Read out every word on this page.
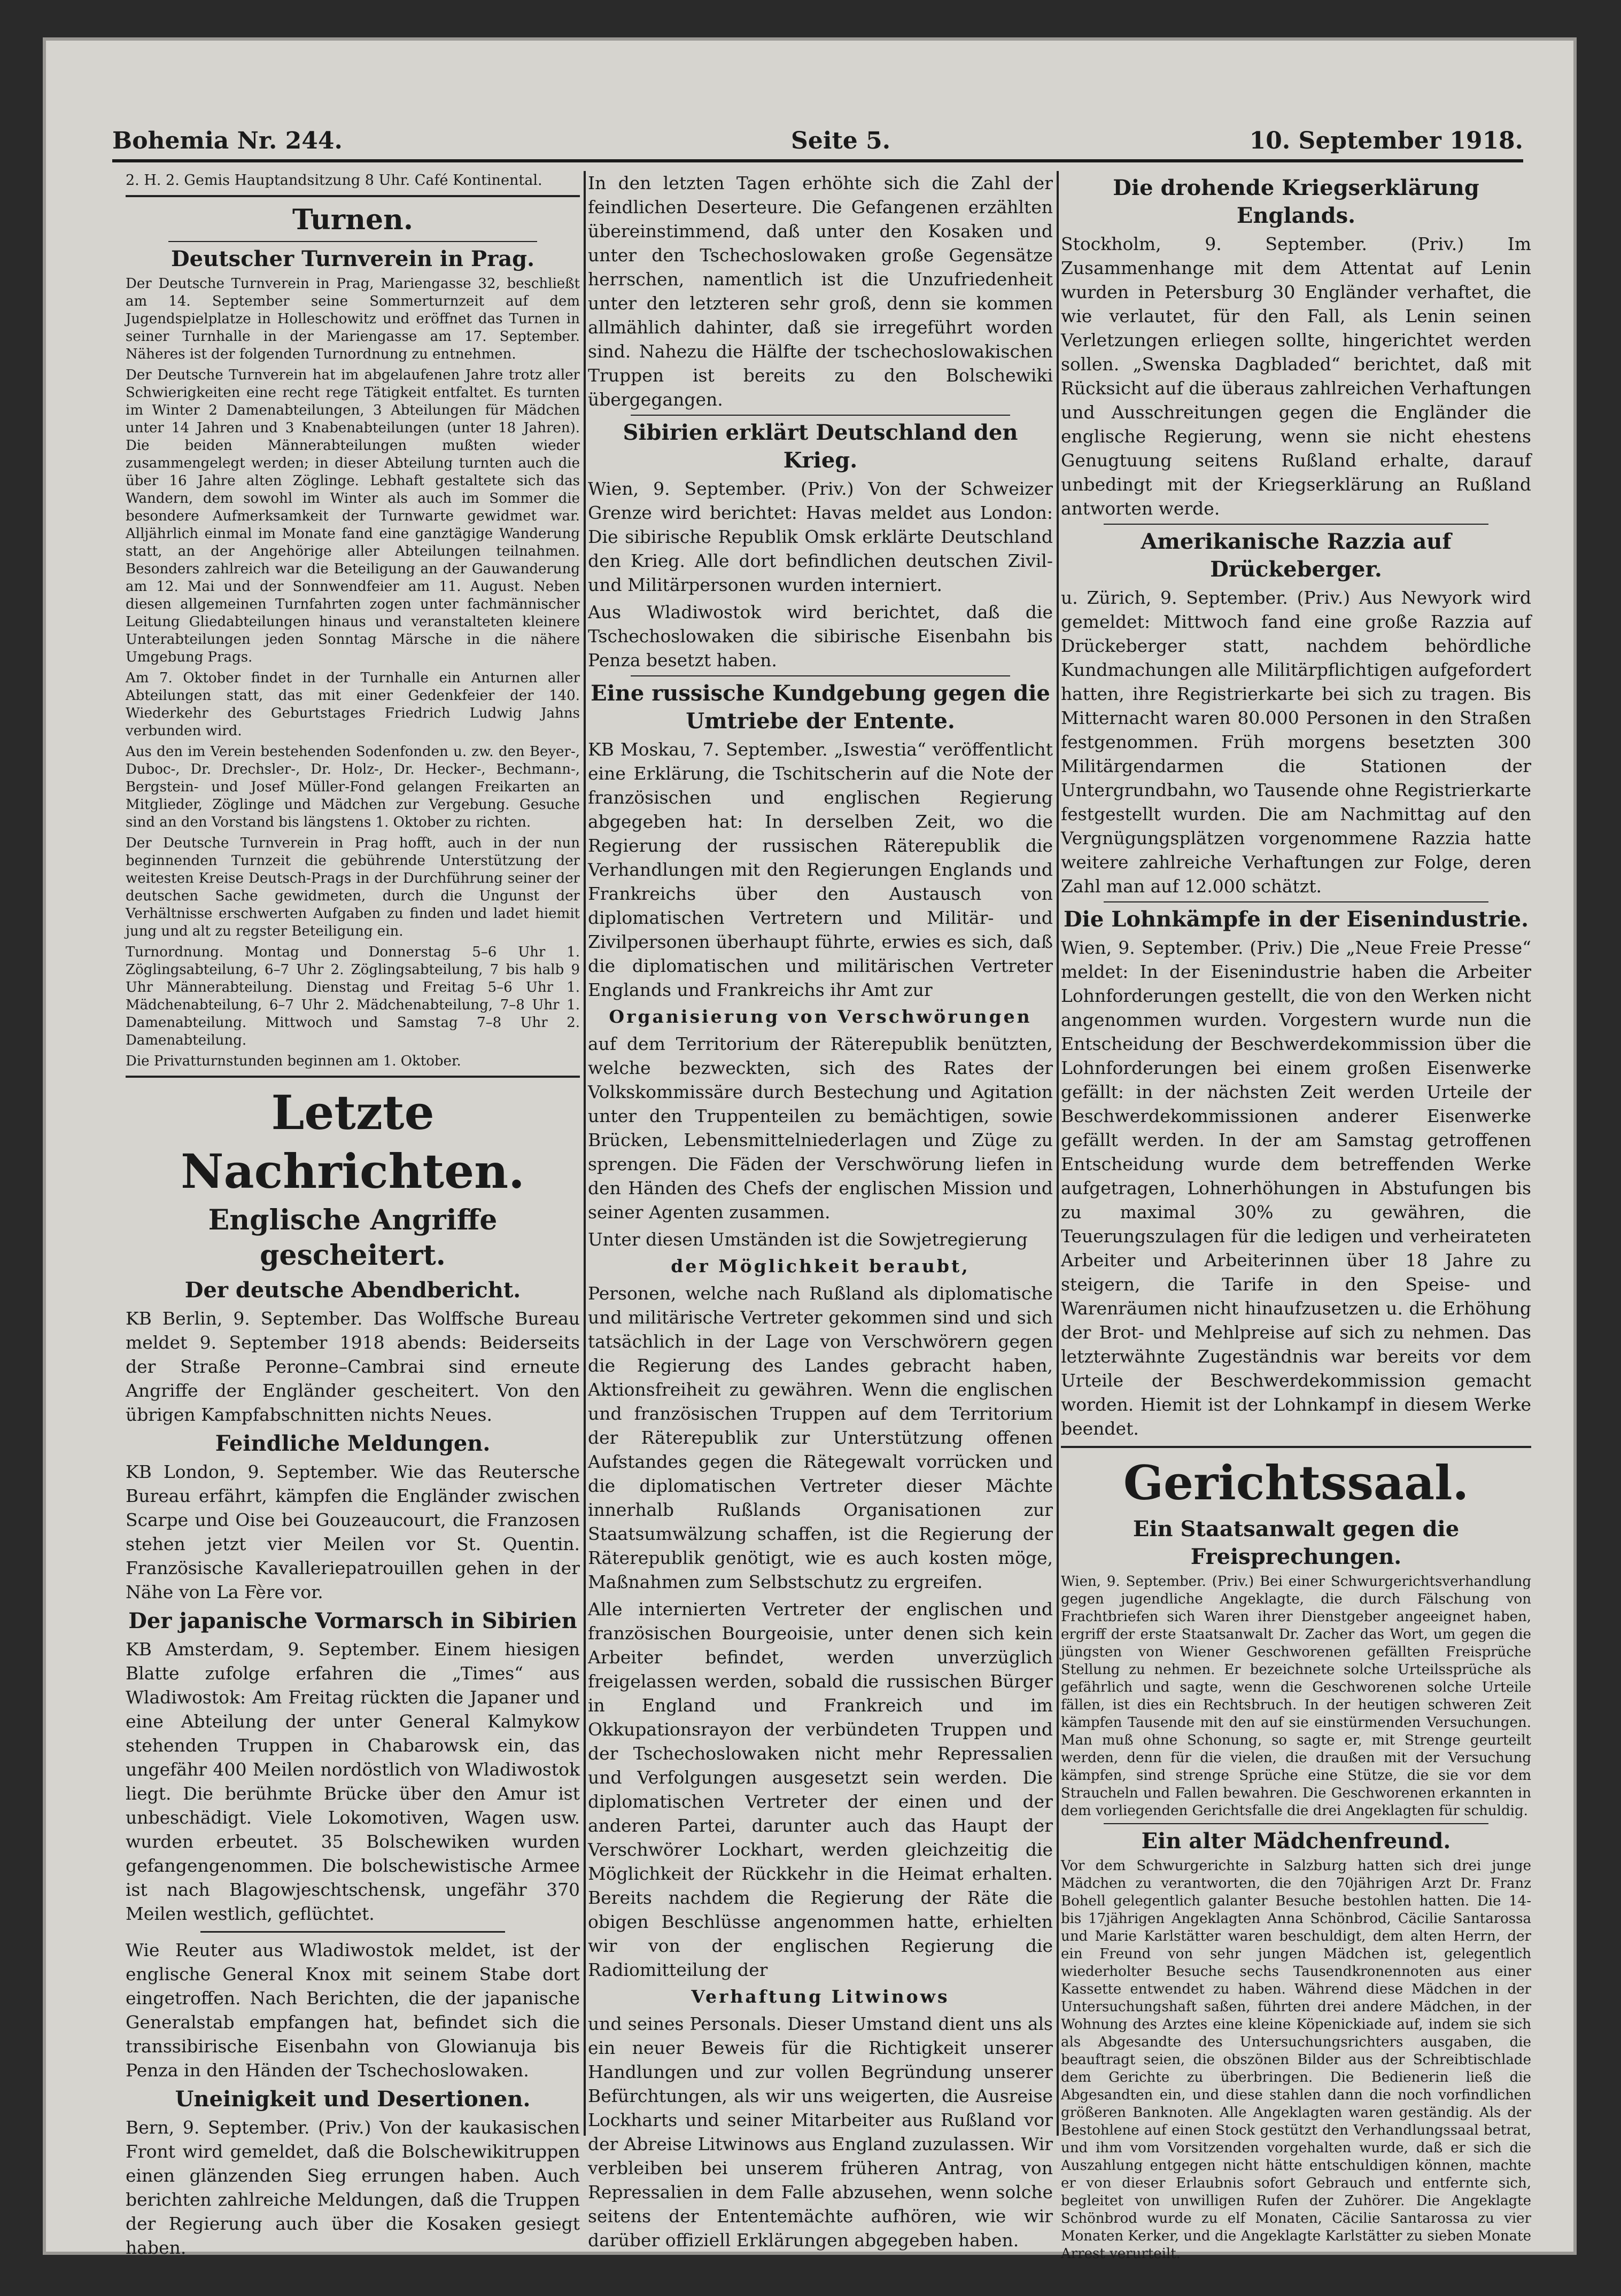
Bohemia Nr. 244.	Seite 5.	10. September 1918.

2. H. 2. Gemis Hauptandsitzung 8 Uhr. Café Kontinental.

Turnen.
Deutscher Turnverein in Prag.

Der Deutsche Turnverein in Prag, Mariengasse 32, beschließt am 14. September seine Sommerturnzeit auf dem Jugendspielplatze in Holleschowitz und eröffnet das Turnen in seiner Turnhalle in der Mariengasse am 17. September. Näheres ist der folgenden Turnordnung zu entnehmen.

Der Deutsche Turnverein hat im abgelaufenen Jahre trotz aller Schwierigkeiten eine recht rege Tätigkeit entfaltet. Es turnten im Winter 2 Damenabteilungen, 3 Abteilungen für Mädchen unter 14 Jahren und 3 Knabenabteilungen (unter 18 Jahren). Die beiden Männerabteilungen mußten wieder zusammengelegt werden; in dieser Abteilung turnten auch die über 16 Jahre alten Zöglinge. Lebhaft gestaltete sich das Wandern, dem sowohl im Winter als auch im Sommer die besondere Aufmerksamkeit der Turnwarte gewidmet war. Alljährlich einmal im Monate fand eine ganztägige Wanderung statt, an der Angehörige aller Abteilungen teilnahmen. Besonders zahlreich war die Beteiligung an der Gauwanderung am 12. Mai und der Sonnwendfeier am 11. August. Neben diesen allgemeinen Turnfahrten zogen unter fachmännischer Leitung Gliedabteilungen hinaus und veranstalteten kleinere Unterabteilungen jeden Sonntag Märsche in die nähere Umgebung Prags.

Am 7. Oktober findet in der Turnhalle ein Anturnen aller Abteilungen statt, das mit einer Gedenkfeier der 140. Wiederkehr des Geburtstages Friedrich Ludwig Jahns verbunden wird.

Aus den im Verein bestehenden Sodenfonden u. zw. den Beyer-, Duboc-, Dr. Drechsler-, Dr. Holz-, Dr. Hecker-, Bechmann-, Bergstein- und Josef Müller-Fond gelangen Freikarten an Mitglieder, Zöglinge und Mädchen zur Vergebung. Gesuche sind an den Vorstand bis längstens 1. Oktober zu richten.

Der Deutsche Turnverein in Prag hofft, auch in der nun beginnenden Turnzeit die gebührende Unterstützung der weitesten Kreise Deutsch-Prags in der Durchführung seiner der deutschen Sache gewidmeten, durch die Ungunst der Verhältnisse erschwerten Aufgaben zu finden und ladet hiemit jung und alt zu regster Beteiligung ein.

Turnordnung. Montag und Donnerstag 5–6 Uhr 1. Zöglingsabteilung, 6–7 Uhr 2. Zöglingsabteilung, 7 bis halb 9 Uhr Männerabteilung. Dienstag und Freitag 5–6 Uhr 1. Mädchenabteilung, 6–7 Uhr 2. Mädchenabteilung, 7–8 Uhr 1. Damenabteilung. Mittwoch und Samstag 7–8 Uhr 2. Damenabteilung.

Die Privatturnstunden beginnen am 1. Oktober.

Letzte Nachrichten.
Englische Angriffe gescheitert.
Der deutsche Abendbericht.

KB Berlin, 9. September. Das Wolffsche Bureau meldet 9. September 1918 abends: Beiderseits der Straße Peronne–Cambrai sind erneute Angriffe der Engländer gescheitert. Von den übrigen Kampfabschnitten nichts Neues.

Feindliche Meldungen.

KB London, 9. September. Wie das Reutersche Bureau erfährt, kämpfen die Engländer zwischen Scarpe und Oise bei Gouzeaucourt, die Franzosen stehen jetzt vier Meilen vor St. Quentin. Französische Kavalleriepatrouillen gehen in der Nähe von La Fère vor.

Der japanische Vormarsch in Sibirien

KB Amsterdam, 9. September. Einem hiesigen Blatte zufolge erfahren die „Times“ aus Wladiwostok: Am Freitag rückten die Japaner und eine Abteilung der unter General Kalmykow stehenden Truppen in Chabarowsk ein, das ungefähr 400 Meilen nordöstlich von Wladiwostok liegt. Die berühmte Brücke über den Amur ist unbeschädigt. Viele Lokomotiven, Wagen usw. wurden erbeutet. 35 Bolschewiken wurden gefangengenommen. Die bolschewistische Armee ist nach Blagowjeschtschensk, ungefähr 370 Meilen westlich, geflüchtet.

Wie Reuter aus Wladiwostok meldet, ist der englische General Knox mit seinem Stabe dort eingetroffen. Nach Berichten, die der japanische Generalstab empfangen hat, befindet sich die transsibirische Eisenbahn von Glowianuja bis Penza in den Händen der Tschechoslowaken.

Uneinigkeit und Desertionen.

Bern, 9. September. (Priv.) Von der kaukasischen Front wird gemeldet, daß die Bolschewikitruppen einen glänzenden Sieg errungen haben. Auch berichten zahlreiche Meldungen, daß die Truppen der Regierung auch über die Kosaken gesiegt haben.

In den letzten Tagen erhöhte sich die Zahl der feindlichen Deserteure. Die Gefangenen erzählten übereinstimmend, daß unter den Kosaken und unter den Tschechoslowaken große Gegensätze herrschen, namentlich ist die Unzufriedenheit unter den letzteren sehr groß, denn sie kommen allmählich dahinter, daß sie irregeführt worden sind. Nahezu die Hälfte der tschechoslowakischen Truppen ist bereits zu den Bolschewiki übergegangen.

Sibirien erklärt Deutschland den Krieg.

Wien, 9. September. (Priv.) Von der Schweizer Grenze wird berichtet: Havas meldet aus London: Die sibirische Republik Omsk erklärte Deutschland den Krieg. Alle dort befindlichen deutschen Zivil- und Militärpersonen wurden interniert.

Aus Wladiwostok wird berichtet, daß die Tschechoslowaken die sibirische Eisenbahn bis Penza besetzt haben.

Eine russische Kundgebung gegen die Umtriebe der Entente.

KB Moskau, 7. September. „Iswestia“ veröffentlicht eine Erklärung, die Tschitscherin auf die Note der französischen und englischen Regierung abgegeben hat: In derselben Zeit, wo die Regierung der russischen Räterepublik die Verhandlungen mit den Regierungen Englands und Frankreichs über den Austausch von diplomatischen Vertretern und Militär- und Zivilpersonen überhaupt führte, erwies es sich, daß die diplomatischen und militärischen Vertreter Englands und Frankreichs ihr Amt zur

Organisierung von Verschwörungen

auf dem Territorium der Räterepublik benützten, welche bezweckten, sich des Rates der Volkskommissäre durch Bestechung und Agitation unter den Truppenteilen zu bemächtigen, sowie Brücken, Lebensmittelniederlagen und Züge zu sprengen. Die Fäden der Verschwörung liefen in den Händen des Chefs der englischen Mission und seiner Agenten zusammen.

Unter diesen Umständen ist die Sowjetregierung

der Möglichkeit beraubt,

Personen, welche nach Rußland als diplomatische und militärische Vertreter gekommen sind und sich tatsächlich in der Lage von Verschwörern gegen die Regierung des Landes gebracht haben, Aktionsfreiheit zu gewähren. Wenn die englischen und französischen Truppen auf dem Territorium der Räterepublik zur Unterstützung offenen Aufstandes gegen die Rätegewalt vorrücken und die diplomatischen Vertreter dieser Mächte innerhalb Rußlands Organisationen zur Staatsumwälzung schaffen, ist die Regierung der Räterepublik genötigt, wie es auch kosten möge, Maßnahmen zum Selbstschutz zu ergreifen.

Alle internierten Vertreter der englischen und französischen Bourgeoisie, unter denen sich kein Arbeiter befindet, werden unverzüglich freigelassen werden, sobald die russischen Bürger in England und Frankreich und im Okkupationsrayon der verbündeten Truppen und der Tschechoslowaken nicht mehr Repressalien und Verfolgungen ausgesetzt sein werden. Die diplomatischen Vertreter der einen und der anderen Partei, darunter auch das Haupt der Verschwörer Lockhart, werden gleichzeitig die Möglichkeit der Rückkehr in die Heimat erhalten. Bereits nachdem die Regierung der Räte die obigen Beschlüsse angenommen hatte, erhielten wir von der englischen Regierung die Radiomitteilung der

Verhaftung Litwinows

und seines Personals. Dieser Umstand dient uns als ein neuer Beweis für die Richtigkeit unserer Handlungen und zur vollen Begründung unserer Befürchtungen, als wir uns weigerten, die Ausreise Lockharts und seiner Mitarbeiter aus Rußland vor der Abreise Litwinows aus England zuzulassen. Wir verbleiben bei unserem früheren Antrag, von Repressalien in dem Falle abzusehen, wenn solche seitens der Ententemächte aufhören, wie wir darüber offiziell Erklärungen abgegeben haben.

Die drohende Kriegserklärung Englands.

Stockholm, 9. September. (Priv.) Im Zusammenhange mit dem Attentat auf Lenin wurden in Petersburg 30 Engländer verhaftet, die wie verlautet, für den Fall, als Lenin seinen Verletzungen erliegen sollte, hingerichtet werden sollen. „Swenska Dagbladed“ berichtet, daß mit Rücksicht auf die überaus zahlreichen Verhaftungen und Ausschreitungen gegen die Engländer die englische Regierung, wenn sie nicht ehestens Genugtuung seitens Rußland erhalte, darauf unbedingt mit der Kriegserklärung an Rußland antworten werde.

Amerikanische Razzia auf Drückeberger.

u. Zürich, 9. September. (Priv.) Aus Newyork wird gemeldet: Mittwoch fand eine große Razzia auf Drückeberger statt, nachdem behördliche Kundmachungen alle Militärpflichtigen aufgefordert hatten, ihre Registrierkarte bei sich zu tragen. Bis Mitternacht waren 80.000 Personen in den Straßen festgenommen. Früh morgens besetzten 300 Militärgendarmen die Stationen der Untergrundbahn, wo Tausende ohne Registrierkarte festgestellt wurden. Die am Nachmittag auf den Vergnügungsplätzen vorgenommene Razzia hatte weitere zahlreiche Verhaftungen zur Folge, deren Zahl man auf 12.000 schätzt.

Die Lohnkämpfe in der Eisenindustrie.

Wien, 9. September. (Priv.) Die „Neue Freie Presse“ meldet: In der Eisenindustrie haben die Arbeiter Lohnforderungen gestellt, die von den Werken nicht angenommen wurden. Vorgestern wurde nun die Entscheidung der Beschwerdekommission über die Lohnforderungen bei einem großen Eisenwerke gefällt: in der nächsten Zeit werden Urteile der Beschwerdekommissionen anderer Eisenwerke gefällt werden. In der am Samstag getroffenen Entscheidung wurde dem betreffenden Werke aufgetragen, Lohnerhöhungen in Abstufungen bis zu maximal 30% zu gewähren, die Teuerungszulagen für die ledigen und verheirateten Arbeiter und Arbeiterinnen über 18 Jahre zu steigern, die Tarife in den Speise- und Warenräumen nicht hinaufzusetzen u. die Erhöhung der Brot- und Mehlpreise auf sich zu nehmen. Das letzterwähnte Zugeständnis war bereits vor dem Urteile der Beschwerdekommission gemacht worden. Hiemit ist der Lohnkampf in diesem Werke beendet.

Gerichtssaal.
Ein Staatsanwalt gegen die Freisprechungen.

Wien, 9. September. (Priv.) Bei einer Schwurgerichtsverhandlung gegen jugendliche Angeklagte, die durch Fälschung von Frachtbriefen sich Waren ihrer Dienstgeber angeeignet haben, ergriff der erste Staatsanwalt Dr. Zacher das Wort, um gegen die jüngsten von Wiener Geschworenen gefällten Freisprüche Stellung zu nehmen. Er bezeichnete solche Urteilssprüche als gefährlich und sagte, wenn die Geschworenen solche Urteile fällen, ist dies ein Rechtsbruch. In der heutigen schweren Zeit kämpfen Tausende mit den auf sie einstürmenden Versuchungen. Man muß ohne Schonung, so sagte er, mit Strenge geurteilt werden, denn für die vielen, die draußen mit der Versuchung kämpfen, sind strenge Sprüche eine Stütze, die sie vor dem Straucheln und Fallen bewahren. Die Geschworenen erkannten in dem vorliegenden Gerichtsfalle die drei Angeklagten für schuldig.

Ein alter Mädchenfreund.

Vor dem Schwurgerichte in Salzburg hatten sich drei junge Mädchen zu verantworten, die den 70jährigen Arzt Dr. Franz Bohell gelegentlich galanter Besuche bestohlen hatten. Die 14- bis 17jährigen Angeklagten Anna Schönbrod, Cäcilie Santarossa und Marie Karlstätter waren beschuldigt, dem alten Herrn, der ein Freund von sehr jungen Mädchen ist, gelegentlich wiederholter Besuche sechs Tausendkronennoten aus einer Kassette entwendet zu haben. Während diese Mädchen in der Untersuchungshaft saßen, führten drei andere Mädchen, in der Wohnung des Arztes eine kleine Köpenickiade auf, indem sie sich als Abgesandte des Untersuchungsrichters ausgaben, die beauftragt seien, die obszönen Bilder aus der Schreibtischlade dem Gerichte zu überbringen. Die Bedienerin ließ die Abgesandten ein, und diese stahlen dann die noch vorfindlichen größeren Banknoten. Alle Angeklagten waren geständig. Als der Bestohlene auf einen Stock gestützt den Verhandlungssaal betrat, und ihm vom Vorsitzenden vorgehalten wurde, daß er sich die Auszahlung entgegen nicht hätte entschuldigen können, machte er von dieser Erlaubnis sofort Gebrauch und entfernte sich, begleitet von unwilligen Rufen der Zuhörer. Die Angeklagte Schönbrod wurde zu elf Monaten, Cäcilie Santarossa zu vier Monaten Kerker, und die Angeklagte Karlstätter zu sieben Monate Arrest verurteilt.
